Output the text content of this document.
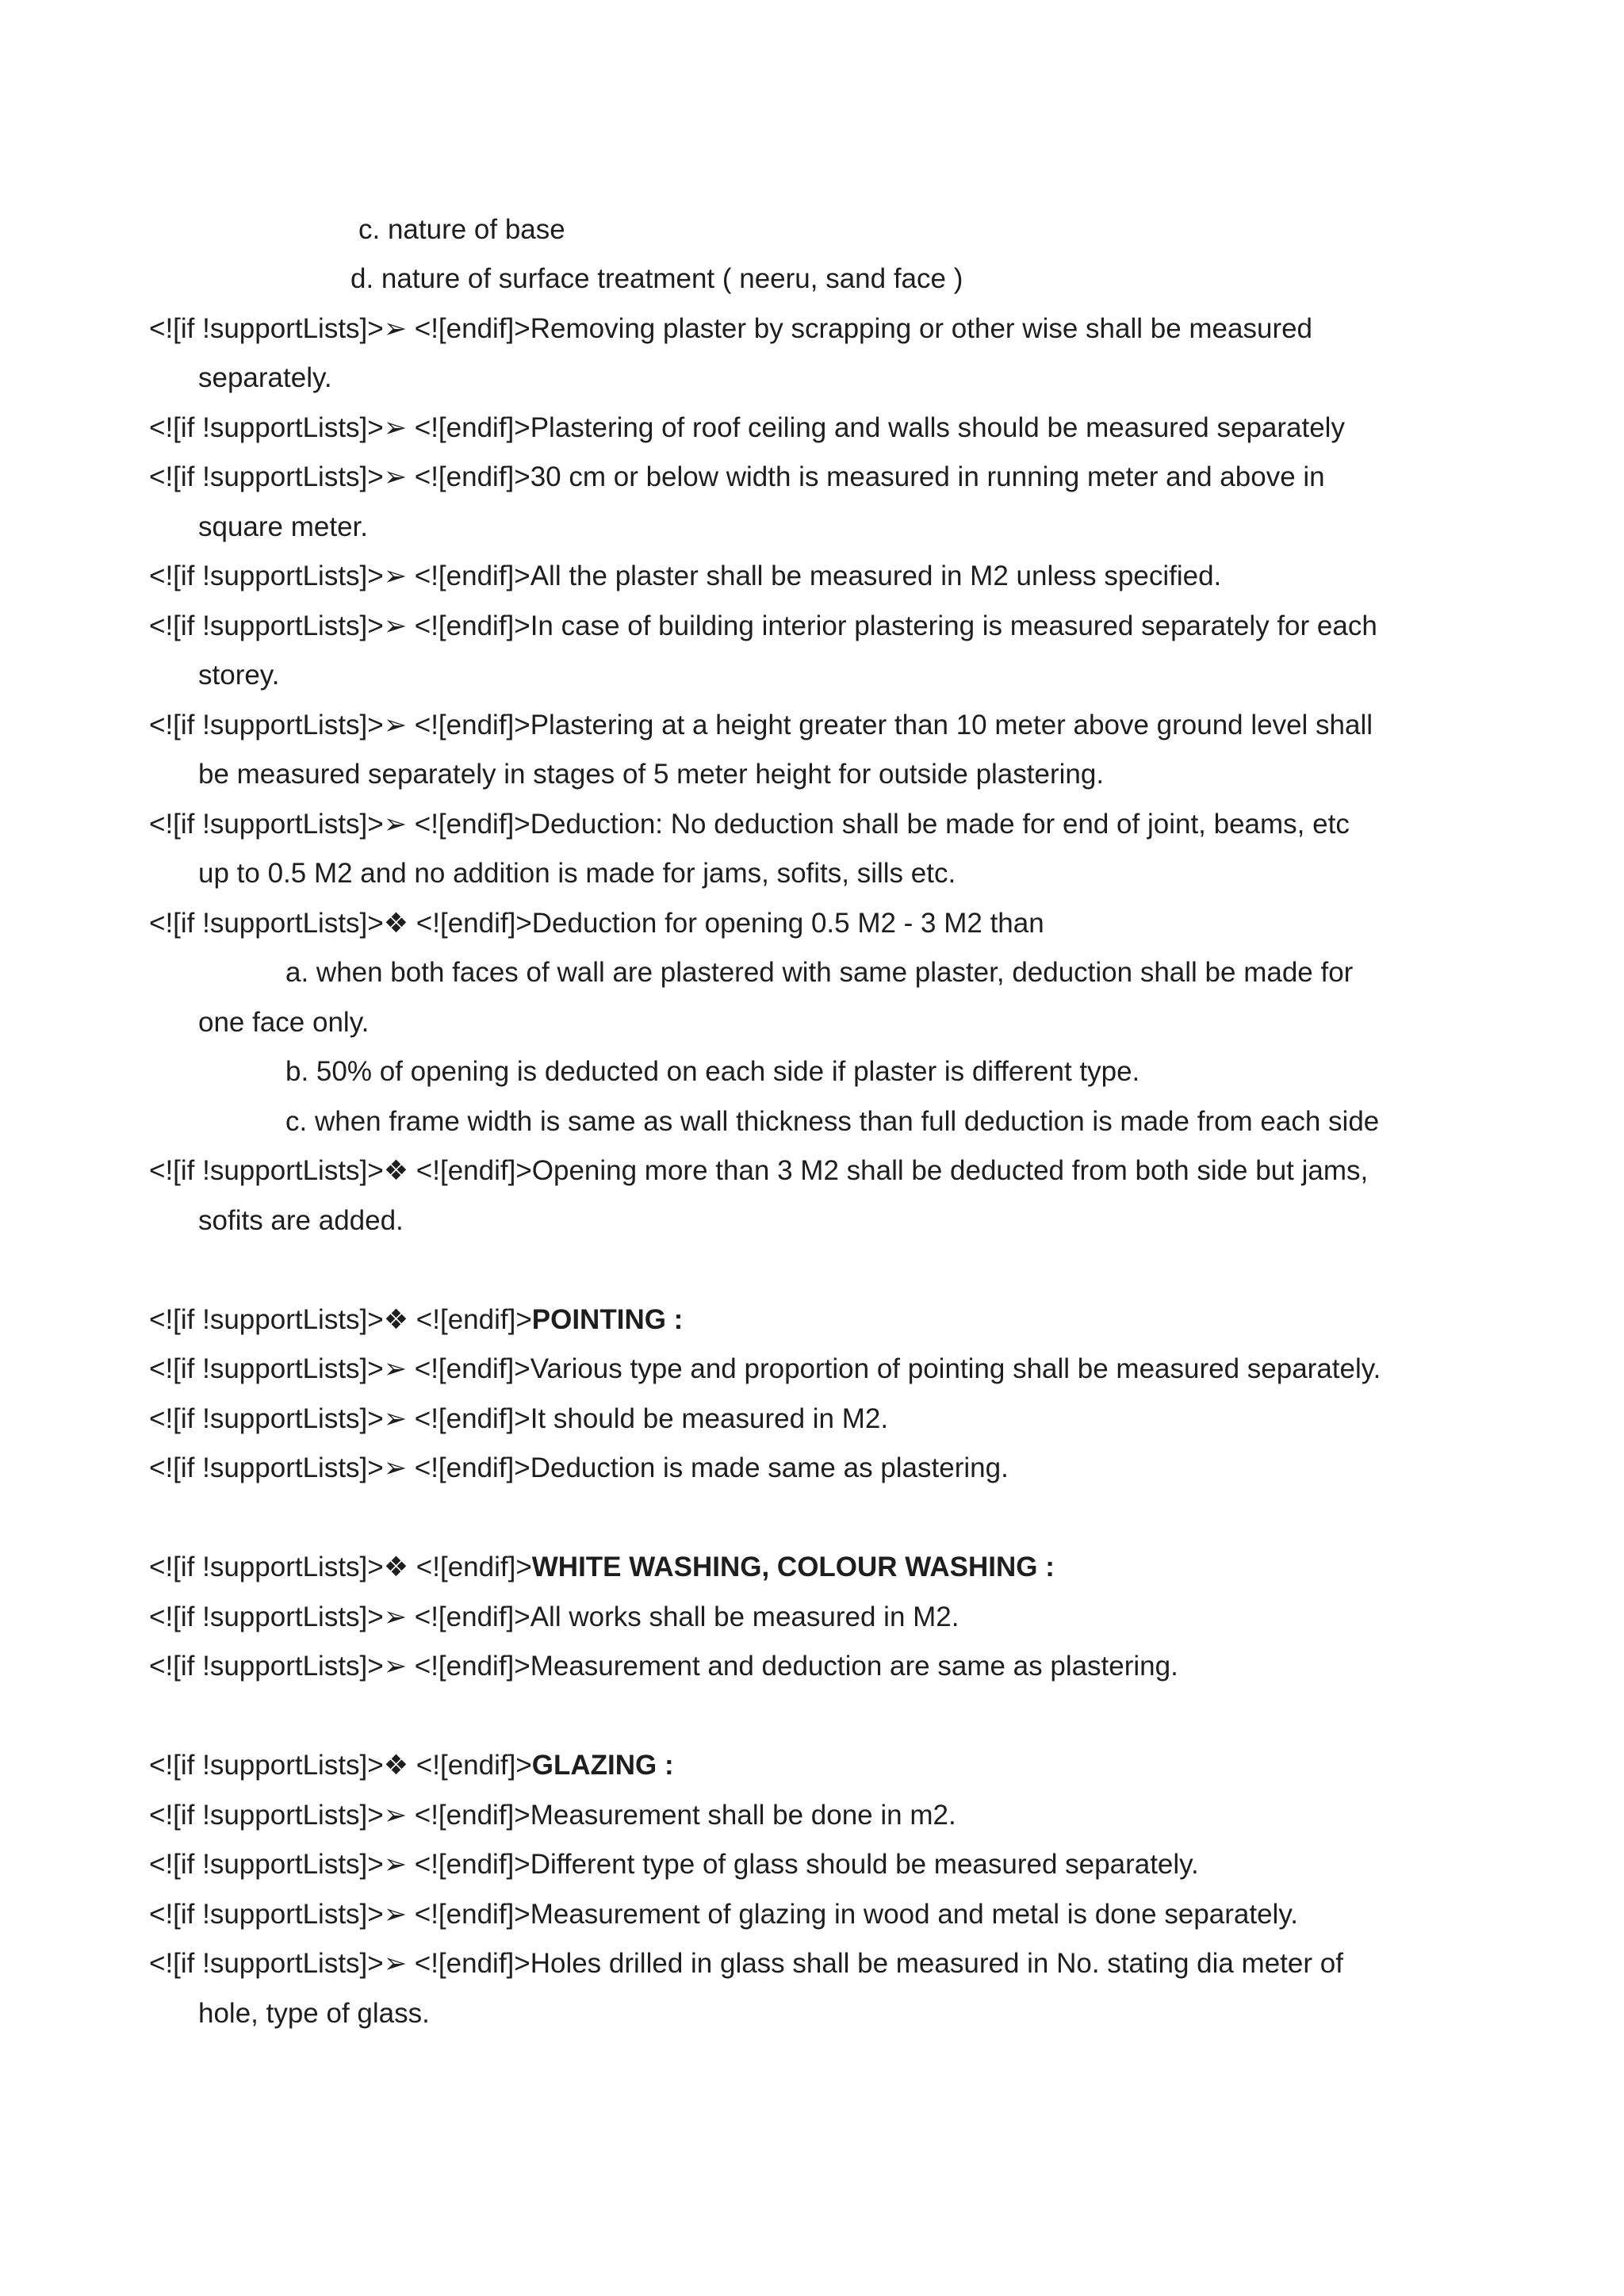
c. nature of base
d. nature of surface treatment ( neeru, sand face )
<![if !supportLists]>➢ <![endif]>Removing plaster by scrapping or other wise shall be measured
separately.
<![if !supportLists]>➢ <![endif]>Plastering of roof ceiling and walls should be measured separately
<![if !supportLists]>➢ <![endif]>30 cm or below width is measured in running meter and above in
square meter.
<![if !supportLists]>➢ <![endif]>All the plaster shall be measured in M2 unless specified.
<![if !supportLists]>➢ <![endif]>In case of building interior plastering is measured separately for each
storey.
<![if !supportLists]>➢ <![endif]>Plastering at a height greater than 10 meter above ground level shall
be measured separately in stages of 5 meter height for outside plastering.
<![if !supportLists]>➢ <![endif]>Deduction: No deduction shall be made for end of joint, beams, etc
up to 0.5 M2 and no addition is made for jams, sofits, sills etc.
<![if !supportLists]>❖ <![endif]>Deduction for opening 0.5 M2 - 3 M2 than
a. when both faces of wall are plastered with same plaster, deduction shall be made for
one face only.
b. 50% of opening is deducted on each side if plaster is different type.
c. when frame width is same as wall thickness than full deduction is made from each side
<![if !supportLists]>❖ <![endif]>Opening more than 3 M2 shall be deducted from both side but jams,
sofits are added.
<![if !supportLists]>❖ <![endif]>POINTING :
<![if !supportLists]>➢ <![endif]>Various type and proportion of pointing shall be measured separately.
<![if !supportLists]>➢ <![endif]>It should be measured in M2.
<![if !supportLists]>➢ <![endif]>Deduction is made same as plastering.
<![if !supportLists]>❖ <![endif]>WHITE WASHING, COLOUR WASHING :
<![if !supportLists]>➢ <![endif]>All works shall be measured in M2.
<![if !supportLists]>➢ <![endif]>Measurement and deduction are same as plastering.
<![if !supportLists]>❖ <![endif]>GLAZING :
<![if !supportLists]>➢ <![endif]>Measurement shall be done in m2.
<![if !supportLists]>➢ <![endif]>Different type of glass should be measured separately.
<![if !supportLists]>➢ <![endif]>Measurement of glazing in wood and metal is done separately.
<![if !supportLists]>➢ <![endif]>Holes drilled in glass shall be measured in No. stating dia meter of
hole, type of glass.
